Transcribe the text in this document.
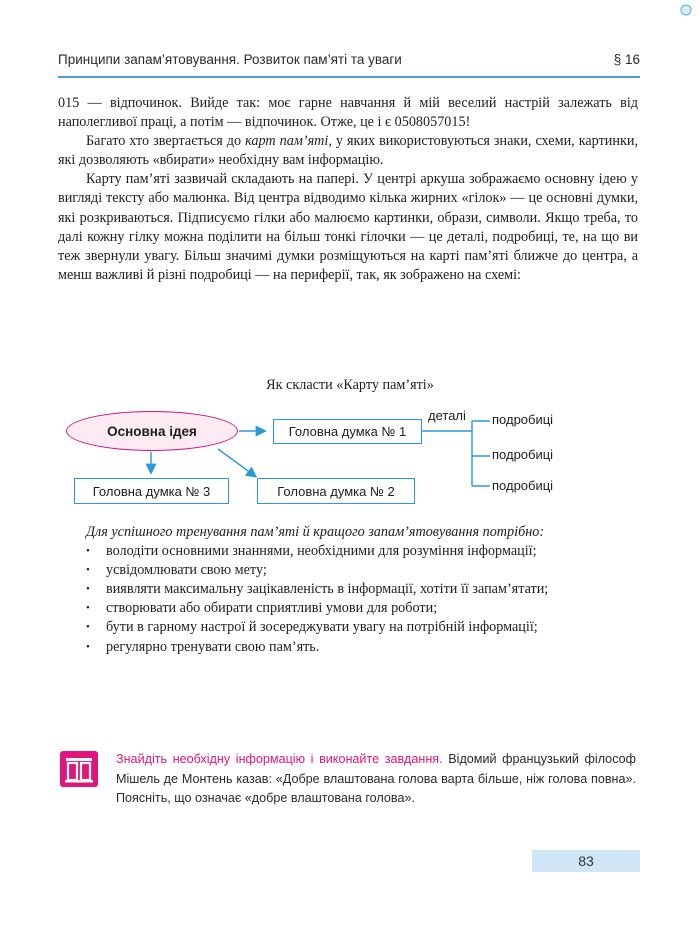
Принципи запам’ятовування. Розвиток пам’яті та уваги	§ 16

015 — відпочинок. Вийде так: моє гарне навчання й мій веселий настрій залежать від наполегливої праці, а потім — відпочинок. Отже, це і є 0508057015!

Багато хто звертається до карт пам’яті, у яких використовуються знаки, схеми, картинки, які дозволяють «вбирати» необхідну вам інформацію.

Карту пам’яті зазвичай складають на папері. У центрі аркуша зображаємо основну ідею у вигляді тексту або малюнка. Від центра відводимо кілька жирних «гілок» — це основні думки, які розкриваються. Підписуємо гілки або малюємо картинки, образи, символи. Якщо треба, то далі кожну гілку можна поділити на більш тонкі гілочки — це деталі, подробиці, те, на що ви теж звернули увагу. Більш значимі думки розміщуються на карті пам’яті ближче до центра, а менш важливі й різні подробиці — на периферії, так, як зображено на схемі:

Як скласти «Карту пам’яті»
Основна ідея	Головна думка № 1
Головна думка № 3	Головна думка № 2
деталі подробиці
подробиці
подробиці

Для успішного тренування пам’яті й кращого запам’ятовування потрібно:

• володіти основними знаннями, необхідними для розуміння інформації;
• усвідомлювати свою мету;
• виявляти максимальну зацікавленість в інформації, хотіти її запам’ятати;
• створювати або обирати сприятливі умови для роботи;
• бути в гарному настрої й зосереджувати увагу на потрібній інформації;
• регулярно тренувати свою пам’ять.
Знайдіть необхідну інформацію і виконайте завдання. Відомий французький філософ Мішель де Монтень казав: «Добре влаштована голова варта більше, ніж голова повна». Поясніть, що означає «добре влаштована голова».
83
